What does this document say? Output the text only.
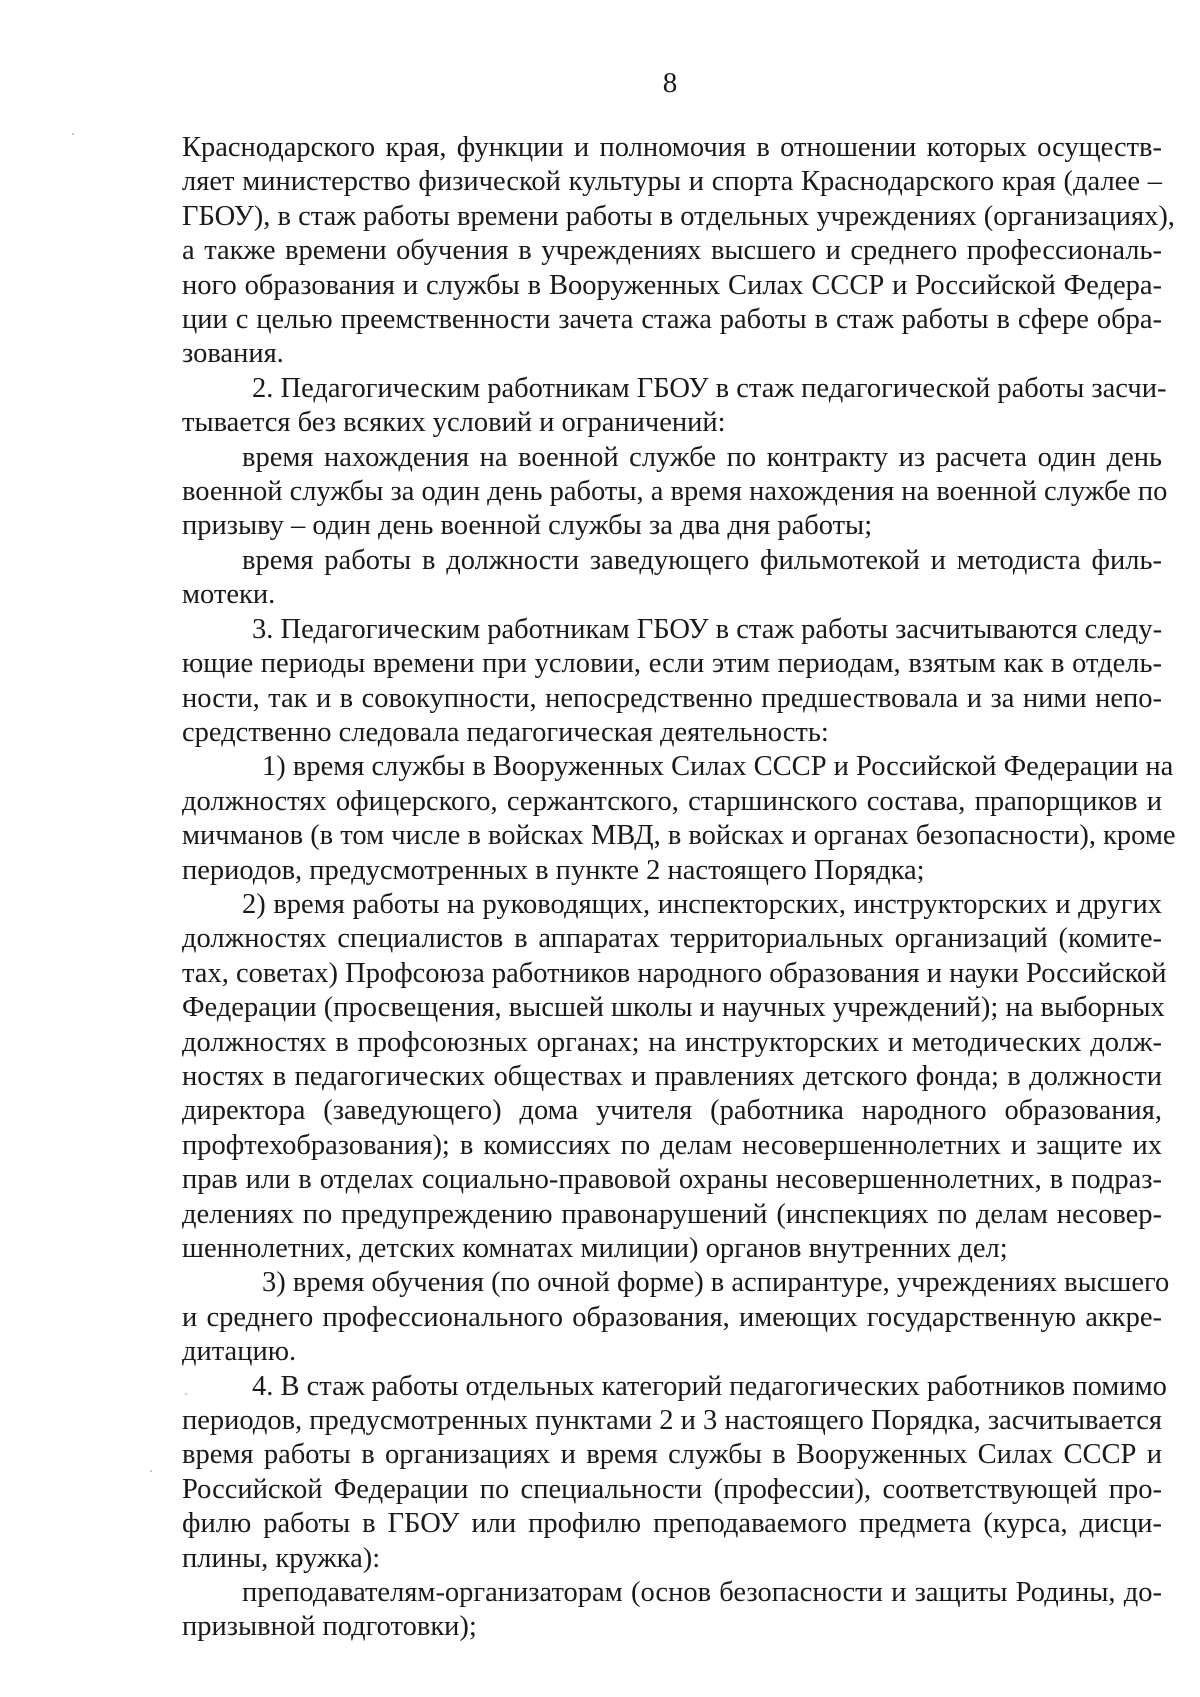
8

Краснодарского края, функции и полномочия в отношении которых осуществ-
ляет министерство физической культуры и спорта Краснодарского края (далее –
ГБОУ), в стаж работы времени работы в отдельных учреждениях (организациях),
а также времени обучения в учреждениях высшего и среднего профессиональ-
ного образования и службы в Вооруженных Силах СССР и Российской Федера-
ции с целью преемственности зачета стажа работы в стаж работы в сфере обра-
зования.

2. Педагогическим работникам ГБОУ в стаж педагогической работы засчи-
тывается без всяких условий и ограничений:

время нахождения на военной службе по контракту из расчета один день
военной службы за один день работы, а время нахождения на военной службе по
призыву – один день военной службы за два дня работы;

время работы в должности заведующего фильмотекой и методиста филь-
мотеки.

3. Педагогическим работникам ГБОУ в стаж работы засчитываются следу-
ющие периоды времени при условии, если этим периодам, взятым как в отдель-
ности, так и в совокупности, непосредственно предшествовала и за ними непо-
средственно следовала педагогическая деятельность:

1) время службы в Вооруженных Силах СССР и Российской Федерации на
должностях офицерского, сержантского, старшинского состава, прапорщиков и
мичманов (в том числе в войсках МВД, в войсках и органах безопасности), кроме
периодов, предусмотренных в пункте 2 настоящего Порядка;

2) время работы на руководящих, инспекторских, инструкторских и других
должностях специалистов в аппаратах территориальных организаций (комите-
тах, советах) Профсоюза работников народного образования и науки Российской
Федерации (просвещения, высшей школы и научных учреждений); на выборных
должностях в профсоюзных органах; на инструкторских и методических долж-
ностях в педагогических обществах и правлениях детского фонда; в должности
директора (заведующего) дома учителя (работника народного образования,
профтехобразования); в комиссиях по делам несовершеннолетних и защите их
прав или в отделах социально-правовой охраны несовершеннолетних, в подраз-
делениях по предупреждению правонарушений (инспекциях по делам несовер-
шеннолетних, детских комнатах милиции) органов внутренних дел;

3) время обучения (по очной форме) в аспирантуре, учреждениях высшего
и среднего профессионального образования, имеющих государственную аккре-
дитацию.

4. В стаж работы отдельных категорий педагогических работников помимо
периодов, предусмотренных пунктами 2 и 3 настоящего Порядка, засчитывается
время работы в организациях и время службы в Вооруженных Силах СССР и
Российской Федерации по специальности (профессии), соответствующей про-
филю работы в ГБОУ или профилю преподаваемого предмета (курса, дисци-
плины, кружка):

преподавателям-организаторам (основ безопасности и защиты Родины, до-
призывной подготовки);
